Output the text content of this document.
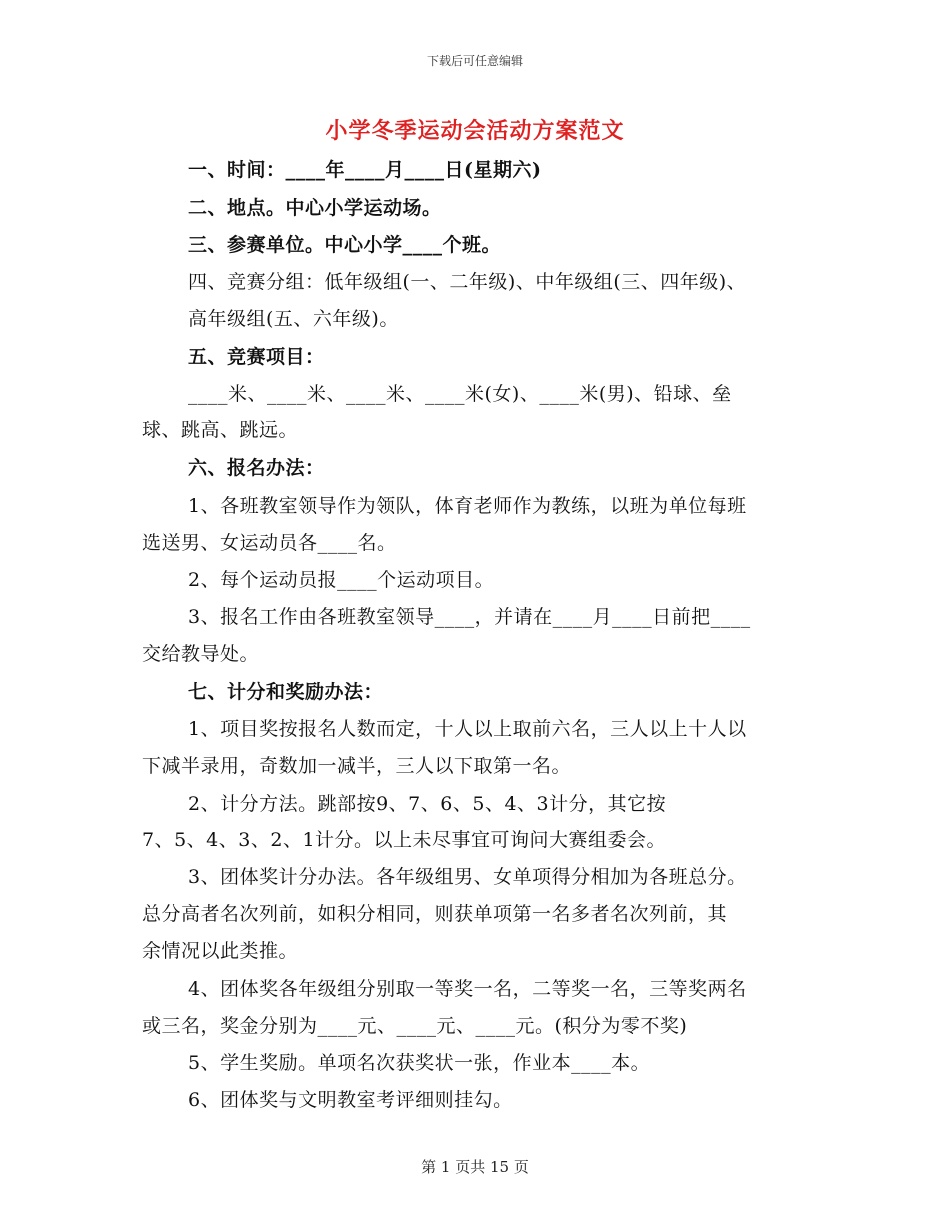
下载后可任意编辑
小学冬季运动会活动方案范文
一、时间：____年____月____日(星期六)
二、地点。中心小学运动场。
三、参赛单位。中心小学____个班。
四、竞赛分组：低年级组(一、二年级)、中年级组(三、四年级)、
高年级组(五、六年级)。
五、竞赛项目：
____米、____米、____米、____米(女)、____米(男)、铅球、垒
球、跳高、跳远。
六、报名办法：
1、各班教室领导作为领队，体育老师作为教练，以班为单位每班
选送男、女运动员各____名。
2、每个运动员报____个运动项目。
3、报名工作由各班教室领导____，并请在____月____日前把____
交给教导处。
七、计分和奖励办法：
1、项目奖按报名人数而定，十人以上取前六名，三人以上十人以
下减半录用，奇数加一减半，三人以下取第一名。
2、计分方法。跳部按9、7、6、5、4、3计分，其它按
7、5、4、3、2、1计分。以上未尽事宜可询问大赛组委会。
3、团体奖计分办法。各年级组男、女单项得分相加为各班总分。
总分高者名次列前，如积分相同，则获单项第一名多者名次列前，其
余情况以此类推。
4、团体奖各年级组分别取一等奖一名，二等奖一名，三等奖两名
或三名，奖金分别为____元、____元、____元。(积分为零不奖)
5、学生奖励。单项名次获奖状一张，作业本____本。
6、团体奖与文明教室考评细则挂勾。
第 1 页共 15 页
